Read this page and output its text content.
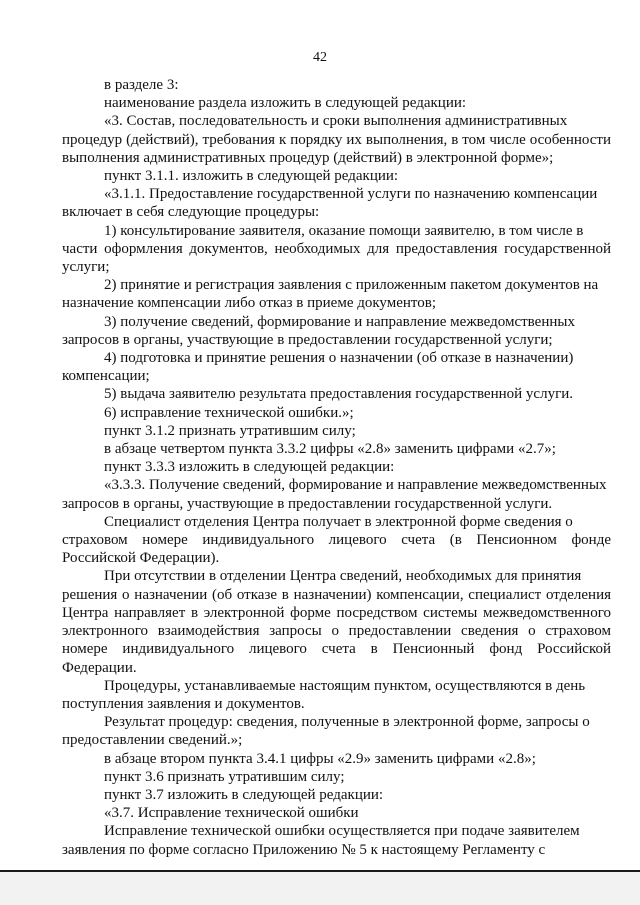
42

в разделе 3:

наименование раздела изложить в следующей редакции:

«3. Состав, последовательность и сроки выполнения административных

процедур (действий), требования к порядку их выполнения, в том числе особенности выполнения административных процедур (действий) в электронной форме»;

пункт 3.1.1. изложить в следующей редакции:

«3.1.1. Предоставление государственной услуги по назначению компенсации

включает в себя следующие процедуры:

1) консультирование заявителя, оказание помощи заявителю, в том числе в

части оформления документов, необходимых для предоставления государственной услуги;

2) принятие и регистрация заявления с приложенным пакетом документов на

назначение компенсации либо отказ в приеме документов;

3) получение сведений, формирование и направление межведомственных

запросов в органы, участвующие в предоставлении государственной услуги;

4) подготовка и принятие решения о назначении (об отказе в назначении)

компенсации;

5) выдача заявителю результата предоставления государственной услуги.

6) исправление технической ошибки.»;

пункт 3.1.2 признать утратившим силу;

в абзаце четвертом пункта 3.3.2 цифры «2.8» заменить цифрами «2.7»;

пункт 3.3.3 изложить в следующей редакции:

«3.3.3. Получение сведений, формирование и направление межведомственных

запросов в органы, участвующие в предоставлении государственной услуги.

Специалист отделения Центра получает в электронной форме сведения о

страховом номере индивидуального лицевого счета (в Пенсионном фонде Российской Федерации).

При отсутствии в отделении Центра сведений, необходимых для принятия

решения о назначении (об отказе в назначении) компенсации, специалист отделения Центра направляет в электронной форме посредством системы межведомственного электронного взаимодействия запросы о предоставлении сведения о страховом номере индивидуального лицевого счета в Пенсионный фонд Российской Федерации.

Процедуры, устанавливаемые настоящим пунктом, осуществляются в день

поступления заявления и документов.

Результат процедур: сведения, полученные в электронной форме, запросы о

предоставлении сведений.»;

в абзаце втором пункта 3.4.1 цифры «2.9» заменить цифрами «2.8»;

пункт 3.6 признать утратившим силу;

пункт 3.7 изложить в следующей редакции:

«3.7. Исправление технической ошибки

Исправление технической ошибки осуществляется при подаче заявителем

заявления по форме согласно Приложению № 5 к настоящему Регламенту с
